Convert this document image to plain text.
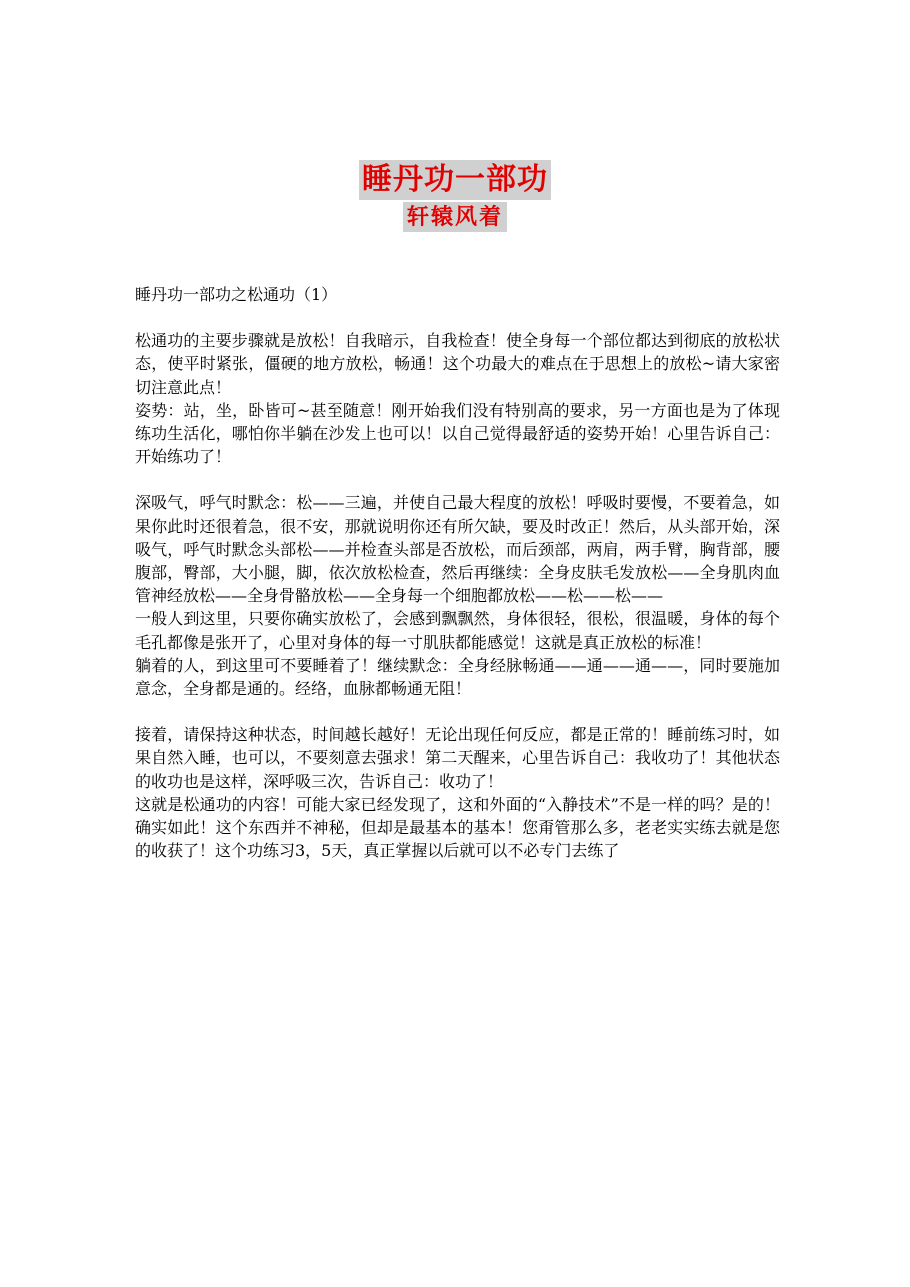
睡丹功一部功
轩辕风着

睡丹功一部功之松通功（1）

松通功的主要步骤就是放松！自我暗示，自我检查！使全身每一个部位都达到彻底的放松状态，使平时紧张，僵硬的地方放松，畅通！这个功最大的难点在于思想上的放松~请大家密切注意此点！

姿势：站，坐，卧皆可~甚至随意！刚开始我们没有特别高的要求，另一方面也是为了体现练功生活化，哪怕你半躺在沙发上也可以！以自己觉得最舒适的姿势开始！心里告诉自己：开始练功了！

深吸气，呼气时默念：松——三遍，并使自己最大程度的放松！呼吸时要慢，不要着急，如果你此时还很着急，很不安，那就说明你还有所欠缺，要及时改正！然后，从头部开始，深吸气，呼气时默念头部松——并检查头部是否放松，而后颈部，两肩，两手臂，胸背部，腰腹部，臀部，大小腿，脚，依次放松检查，然后再继续：全身皮肤毛发放松——全身肌肉血管神经放松——全身骨骼放松——全身每一个细胞都放松——松——松——

一般人到这里，只要你确实放松了，会感到飘飘然，身体很轻，很松，很温暖，身体的每个毛孔都像是张开了，心里对身体的每一寸肌肤都能感觉！这就是真正放松的标准！

躺着的人，到这里可不要睡着了！继续默念：全身经脉畅通——通——通——，同时要施加意念，全身都是通的。经络，血脉都畅通无阻！

接着，请保持这种状态，时间越长越好！无论出现任何反应，都是正常的！睡前练习时，如果自然入睡，也可以，不要刻意去强求！第二天醒来，心里告诉自己：我收功了！其他状态的收功也是这样，深呼吸三次，告诉自己：收功了！

这就是松通功的内容！可能大家已经发现了，这和外面的“入静技术”不是一样的吗？是的！确实如此！这个东西并不神秘，但却是最基本的基本！您甭管那么多，老老实实练去就是您的收获了！这个功练习3，5天，真正掌握以后就可以不必专门去练了
